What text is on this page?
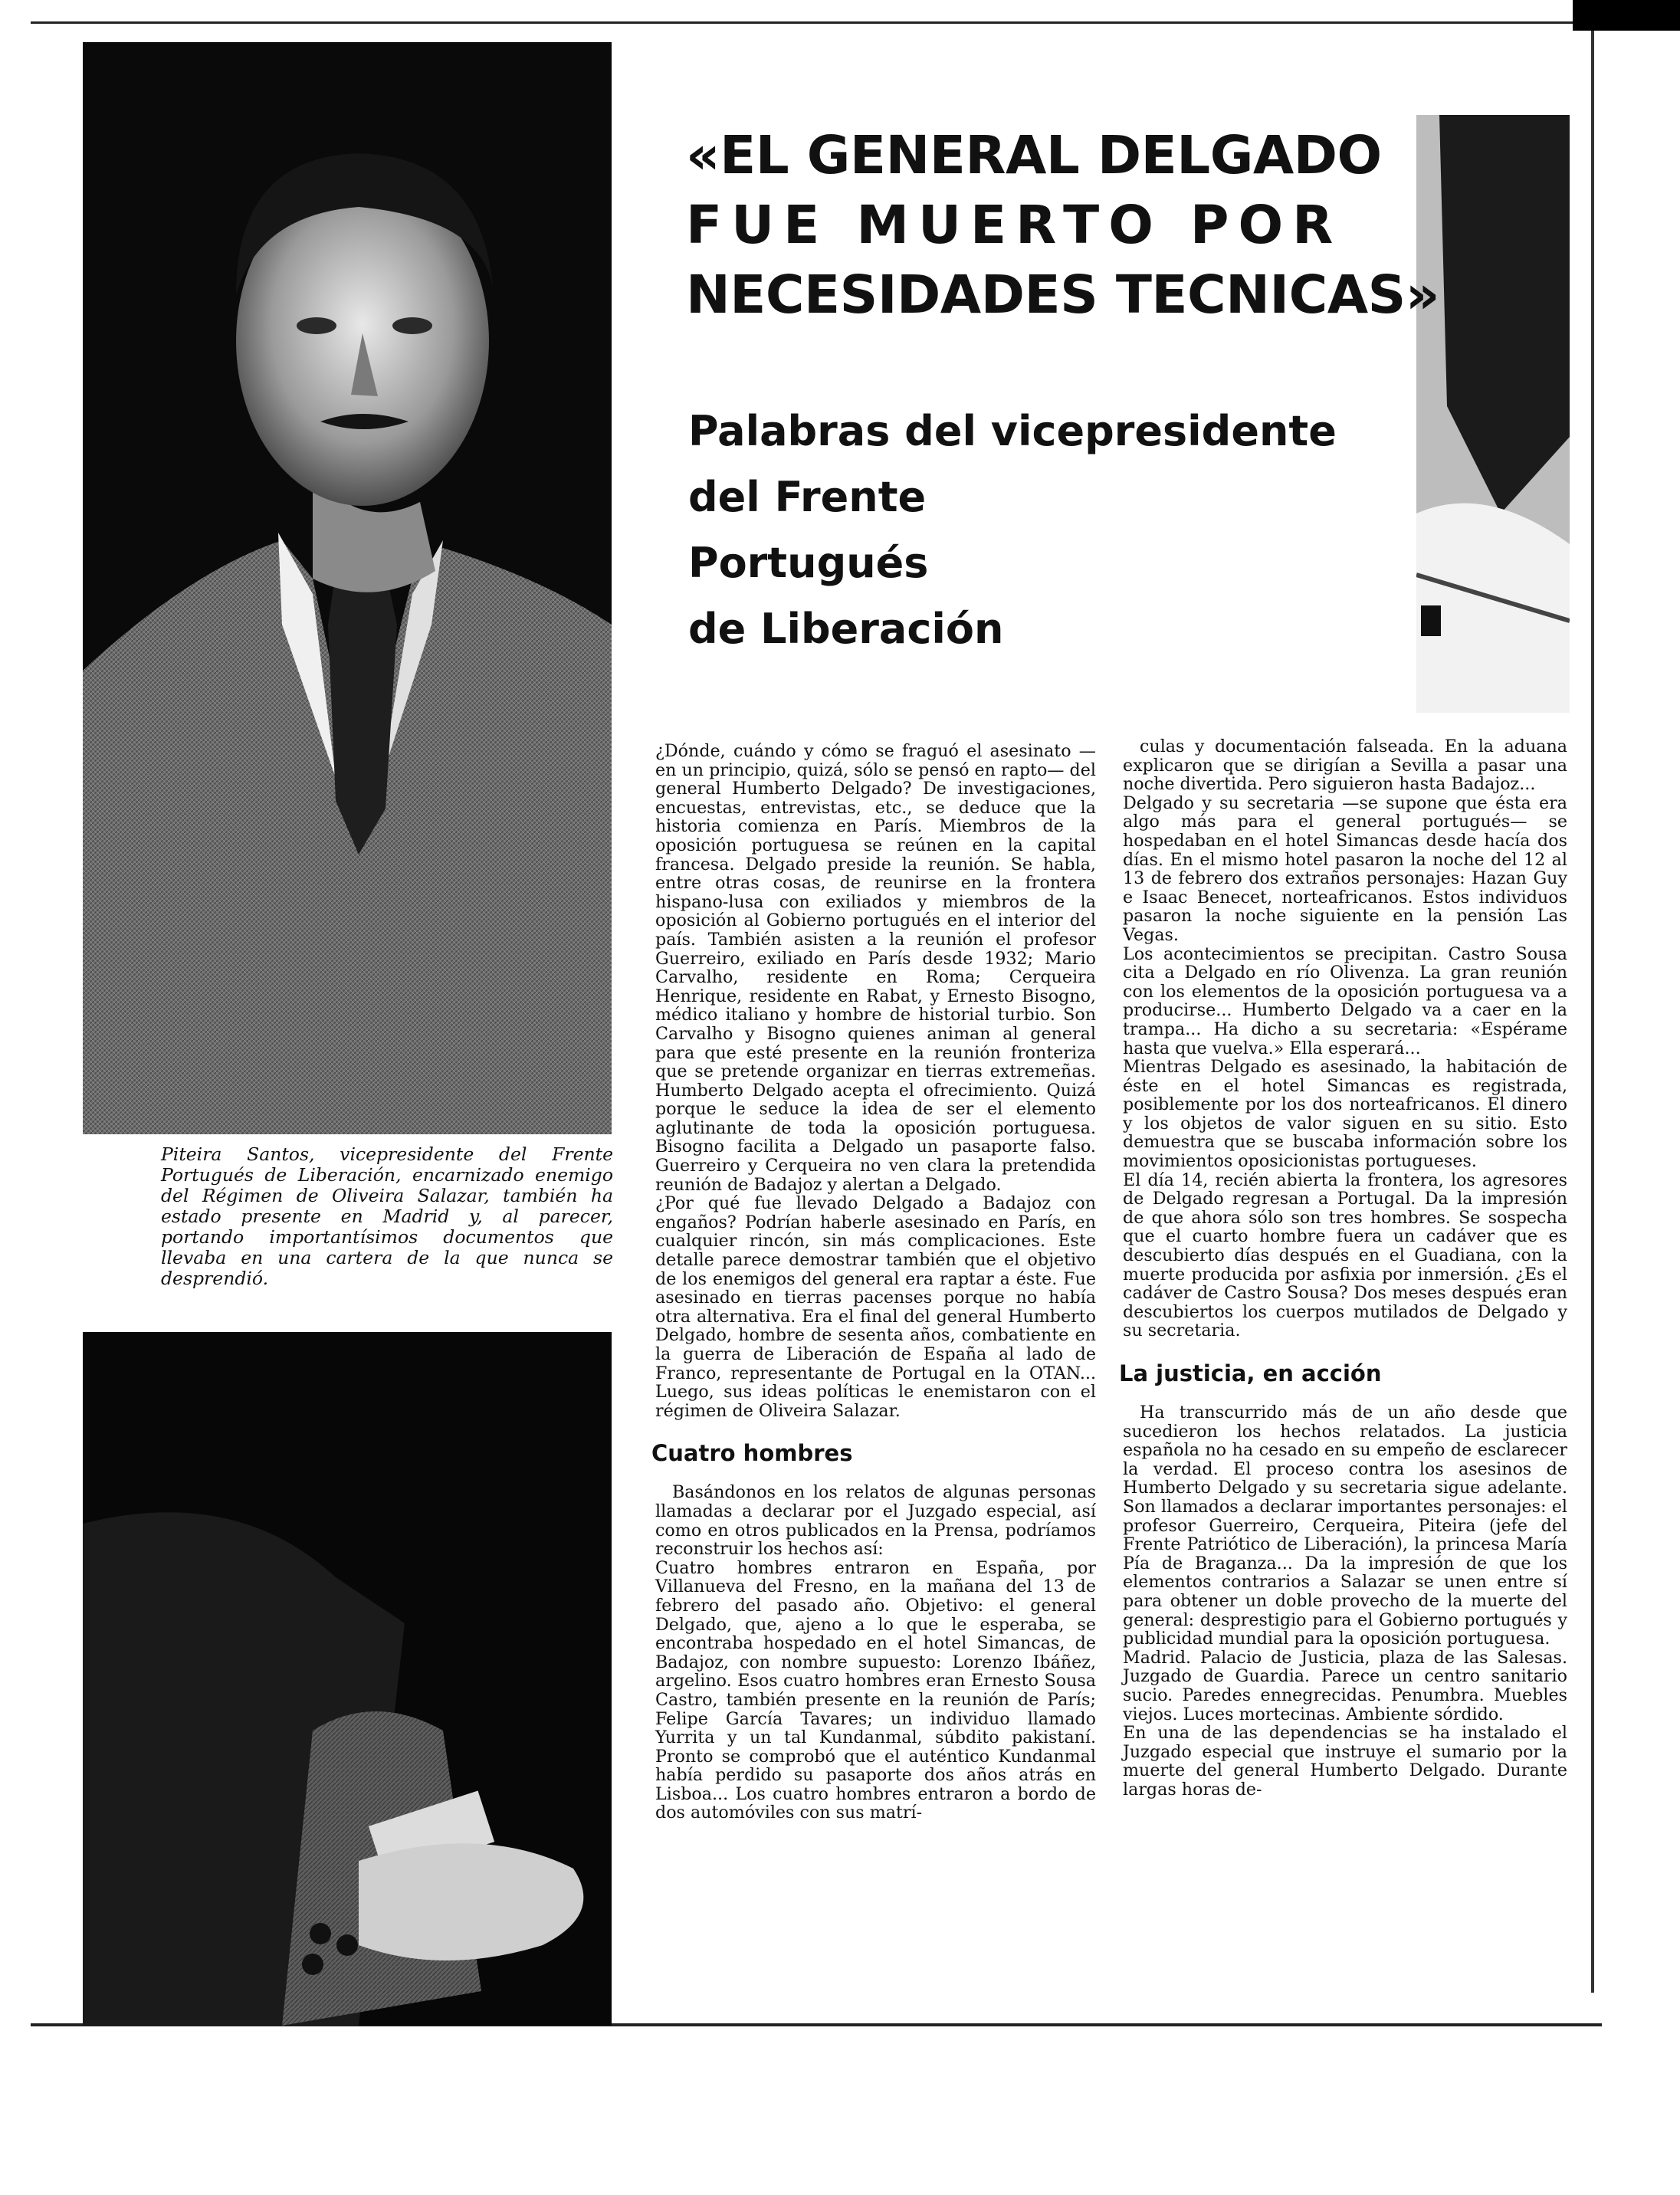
Piteira Santos, vicepresidente del Frente Portugués de Liberación, encarnizado enemigo del Régimen de Oliveira Salazar, también ha estado presente en Madrid y, al parecer, portando importantísimos documentos que llevaba en una cartera de la que nunca se desprendió.
«EL GENERAL DELGADO
FUE MUERTO POR
NECESIDADES TECNICAS»
Palabras del vicepresidente
del Frente
Portugués
de Liberación

¿Dónde, cuándo y cómo se fraguó el asesinato —en un principio, quizá, sólo se pensó en rapto— del general Humberto Delgado? De investigaciones, encuestas, entrevistas, etc., se deduce que la historia comienza en París. Miembros de la oposición portuguesa se reúnen en la capital francesa. Delgado preside la reunión. Se habla, entre otras cosas, de reunirse en la frontera hispano-lusa con exiliados y miembros de la oposición al Gobierno portugués en el interior del país. También asisten a la reunión el profesor Guerreiro, exiliado en París desde 1932; Mario Carvalho, residente en Roma; Cerqueira Henrique, residente en Rabat, y Ernesto Bisogno, médico italiano y hombre de historial turbio. Son Carvalho y Bisogno quienes animan al general para que esté presente en la reunión fronteriza que se pretende organizar en tierras extremeñas. Humberto Delgado acepta el ofrecimiento. Quizá porque le seduce la idea de ser el elemento aglutinante de toda la oposición portuguesa. Bisogno facilita a Delgado un pasaporte falso. Guerreiro y Cerqueira no ven clara la pretendida reunión de Badajoz y alertan a Delgado.

¿Por qué fue llevado Delgado a Badajoz con engaños? Podrían haberle asesinado en París, en cualquier rincón, sin más complicaciones. Este detalle parece demostrar también que el objetivo de los enemigos del general era raptar a éste. Fue asesinado en tierras pacenses porque no había otra alternativa. Era el final del general Humberto Delgado, hombre de sesenta años, combatiente en la guerra de Liberación de España al lado de Franco, representante de Portugal en la OTAN... Luego, sus ideas políticas le enemistaron con el régimen de Oliveira Salazar.

Cuatro hombres

Basándonos en los relatos de algunas personas llamadas a declarar por el Juzgado especial, así como en otros publicados en la Prensa, podríamos reconstruir los hechos así:

Cuatro hombres entraron en España, por Villanueva del Fresno, en la mañana del 13 de febrero del pasado año. Objetivo: el general Delgado, que, ajeno a lo que le esperaba, se encontraba hospedado en el hotel Simancas, de Badajoz, con nombre supuesto: Lorenzo Ibáñez, argelino. Esos cuatro hombres eran Ernesto Sousa Castro, también presente en la reunión de París; Felipe García Tavares; un individuo llamado Yurrita y un tal Kundanmal, súbdito pakistaní. Pronto se comprobó que el auténtico Kundanmal había perdido su pasaporte dos años atrás en Lisboa... Los cuatro hombres entraron a bordo de dos automóviles con sus matrí-

culas y documentación falseada. En la aduana explicaron que se dirigían a Sevilla a pasar una noche divertida. Pero siguieron hasta Badajoz...

Delgado y su secretaria —se supone que ésta era algo más para el general portugués— se hospedaban en el hotel Simancas desde hacía dos días. En el mismo hotel pasaron la noche del 12 al 13 de febrero dos extraños personajes: Hazan Guy e Isaac Benecet, norteafricanos. Estos individuos pasaron la noche siguiente en la pensión Las Vegas.

Los acontecimientos se precipitan. Castro Sousa cita a Delgado en río Olivenza. La gran reunión con los elementos de la oposición portuguesa va a producirse... Humberto Delgado va a caer en la trampa... Ha dicho a su secretaria: «Espérame hasta que vuelva.» Ella esperará...

Mientras Delgado es asesinado, la habitación de éste en el hotel Simancas es registrada, posiblemente por los dos norteafricanos. El dinero y los objetos de valor siguen en su sitio. Esto demuestra que se buscaba información sobre los movimientos oposicionistas portugueses.

El día 14, recién abierta la frontera, los agresores de Delgado regresan a Portugal. Da la impresión de que ahora sólo son tres hombres. Se sospecha que el cuarto hombre fuera un cadáver que es descubierto días después en el Guadiana, con la muerte producida por asfixia por inmersión. ¿Es el cadáver de Castro Sousa? Dos meses después eran descubiertos los cuerpos mutilados de Delgado y su secretaria.

La justicia, en acción

Ha transcurrido más de un año desde que sucedieron los hechos relatados. La justicia española no ha cesado en su empeño de esclarecer la verdad. El proceso contra los asesinos de Humberto Delgado y su secretaria sigue adelante. Son llamados a declarar importantes personajes: el profesor Guerreiro, Cerqueira, Piteira (jefe del Frente Patriótico de Liberación), la princesa María Pía de Braganza... Da la impresión de que los elementos contrarios a Salazar se unen entre sí para obtener un doble provecho de la muerte del general: desprestigio para el Gobierno portugués y publicidad mundial para la oposición portuguesa.

Madrid. Palacio de Justicia, plaza de las Salesas. Juzgado de Guardia. Parece un centro sanitario sucio. Paredes ennegrecidas. Penumbra. Muebles viejos. Luces mortecinas. Ambiente sórdido.

En una de las dependencias se ha instalado el Juzgado especial que instruye el sumario por la muerte del general Humberto Delgado. Durante largas horas de-
